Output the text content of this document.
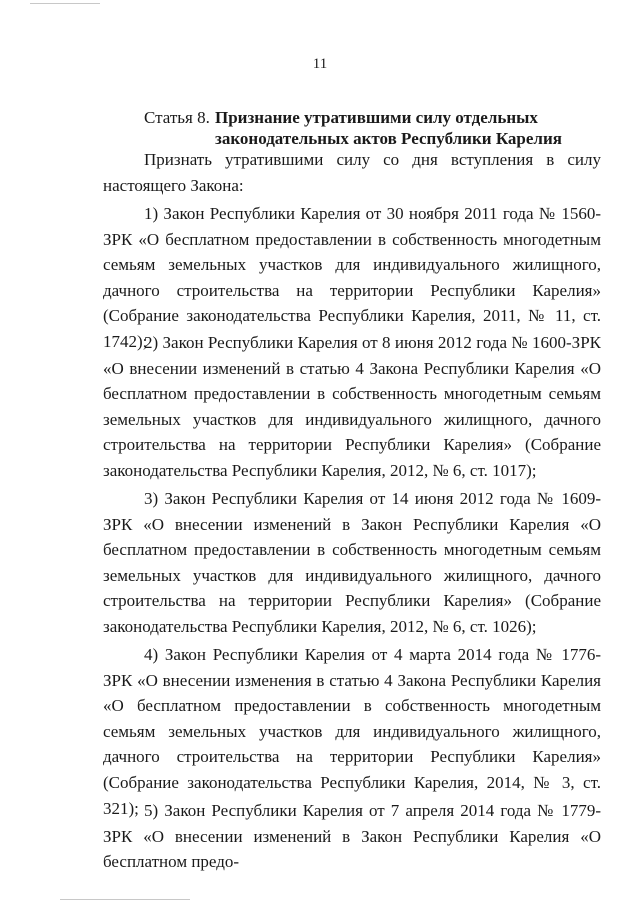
11
Статья 8. Признание утратившими силу отдельных
законодательных актов Республики Карелия

Признать утратившими силу со дня вступления в силу настоящего Закона:

1) Закон Республики Карелия от 30 ноября 2011 года № 1560-ЗРК «О бесплатном предоставлении в собственность многодетным семьям земельных участков для индивидуального жилищного, дачного строительства на территории Республики Карелия» (Собрание законодательства Республики Карелия, 2011, № 11, ст. 1742);

2) Закон Республики Карелия от 8 июня 2012 года № 1600-ЗРК «О внесении изменений в статью 4 Закона Республики Карелия «О бесплатном предоставлении в собственность многодетным семьям земельных участков для индивидуального жилищного, дачного строительства на территории Республики Карелия» (Собрание законодательства Республики Карелия, 2012, № 6, ст. 1017);

3) Закон Республики Карелия от 14 июня 2012 года № 1609-ЗРК «О внесении изменений в Закон Республики Карелия «О бесплатном предоставлении в собственность многодетным семьям земельных участков для индивидуального жилищного, дачного строительства на территории Республики Карелия» (Собрание законодательства Республики Карелия, 2012, № 6, ст. 1026);

4) Закон Республики Карелия от 4 марта 2014 года № 1776-ЗРК «О внесении изменения в статью 4 Закона Республики Карелия «О бесплатном предоставлении в собственность многодетным семьям земельных участков для индивидуального жилищного, дачного строительства на территории Республики Карелия» (Собрание законодательства Республики Карелия, 2014, № 3, ст. 321); 5) Закон Республики Карелия от 7 апреля 2014 года № 1779-ЗРК «О внесении изменений в Закон Республики Карелия «О бесплатном предо-
